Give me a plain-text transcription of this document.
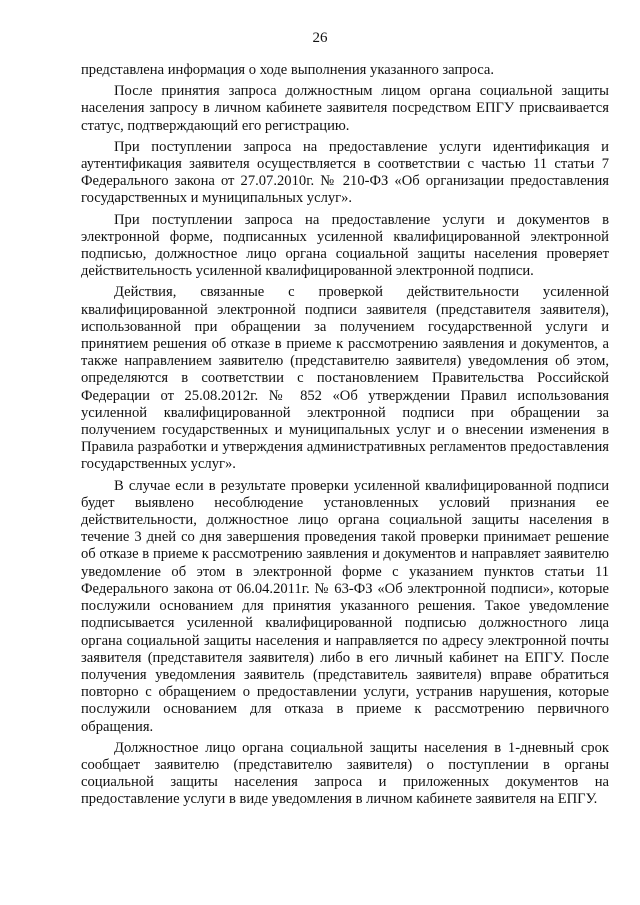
26

представлена информация о ходе выполнения указанного запроса.

После принятия запроса должностным лицом органа социальной защиты населения запросу в личном кабинете заявителя посредством ЕПГУ присваивается статус, подтверждающий его регистрацию.

При поступлении запроса на предоставление услуги идентификация и аутентификация заявителя осуществляется в соответствии с частью 11 статьи 7 Федерального закона от 27.07.2010г. № 210-ФЗ «Об организации предоставления государственных и муниципальных услуг».

При поступлении запроса на предоставление услуги и документов в электронной форме, подписанных усиленной квалифицированной электронной подписью, должностное лицо органа социальной защиты населения проверяет действительность усиленной квалифицированной электронной подписи.

Действия, связанные с проверкой действительности усиленной квалифицированной электронной подписи заявителя (представителя заявителя), использованной при обращении за получением государственной услуги и принятием решения об отказе в приеме к рассмотрению заявления и документов, а также направлением заявителю (представителю заявителя) уведомления об этом, определяются в соответствии с постановлением Правительства Российской Федерации от 25.08.2012г. № 852 «Об утверждении Правил использования усиленной квалифицированной электронной подписи при обращении за получением государственных и муниципальных услуг и о внесении изменения в Правила разработки и утверждения административных регламентов предоставления государственных услуг».

В случае если в результате проверки усиленной квалифицированной подписи будет выявлено несоблюдение установленных условий признания ее действительности, должностное лицо органа социальной защиты населения в течение 3 дней со дня завершения проведения такой проверки принимает решение об отказе в приеме к рассмотрению заявления и документов и направляет заявителю уведомление об этом в электронной форме с указанием пунктов статьи 11 Федерального закона от 06.04.2011г. № 63-ФЗ «Об электронной подписи», которые послужили основанием для принятия указанного решения. Такое уведомление подписывается усиленной квалифицированной подписью должностного лица органа социальной защиты населения и направляется по адресу электронной почты заявителя (представителя заявителя) либо в его личный кабинет на ЕПГУ. После получения уведомления заявитель (представитель заявителя) вправе обратиться повторно с обращением о предоставлении услуги, устранив нарушения, которые послужили основанием для отказа в приеме к рассмотрению первичного обращения.

Должностное лицо органа социальной защиты населения в 1-дневный срок сообщает заявителю (представителю заявителя) о поступлении в органы социальной защиты населения запроса и приложенных документов на предоставление услуги в виде уведомления в личном кабинете заявителя на ЕПГУ.
